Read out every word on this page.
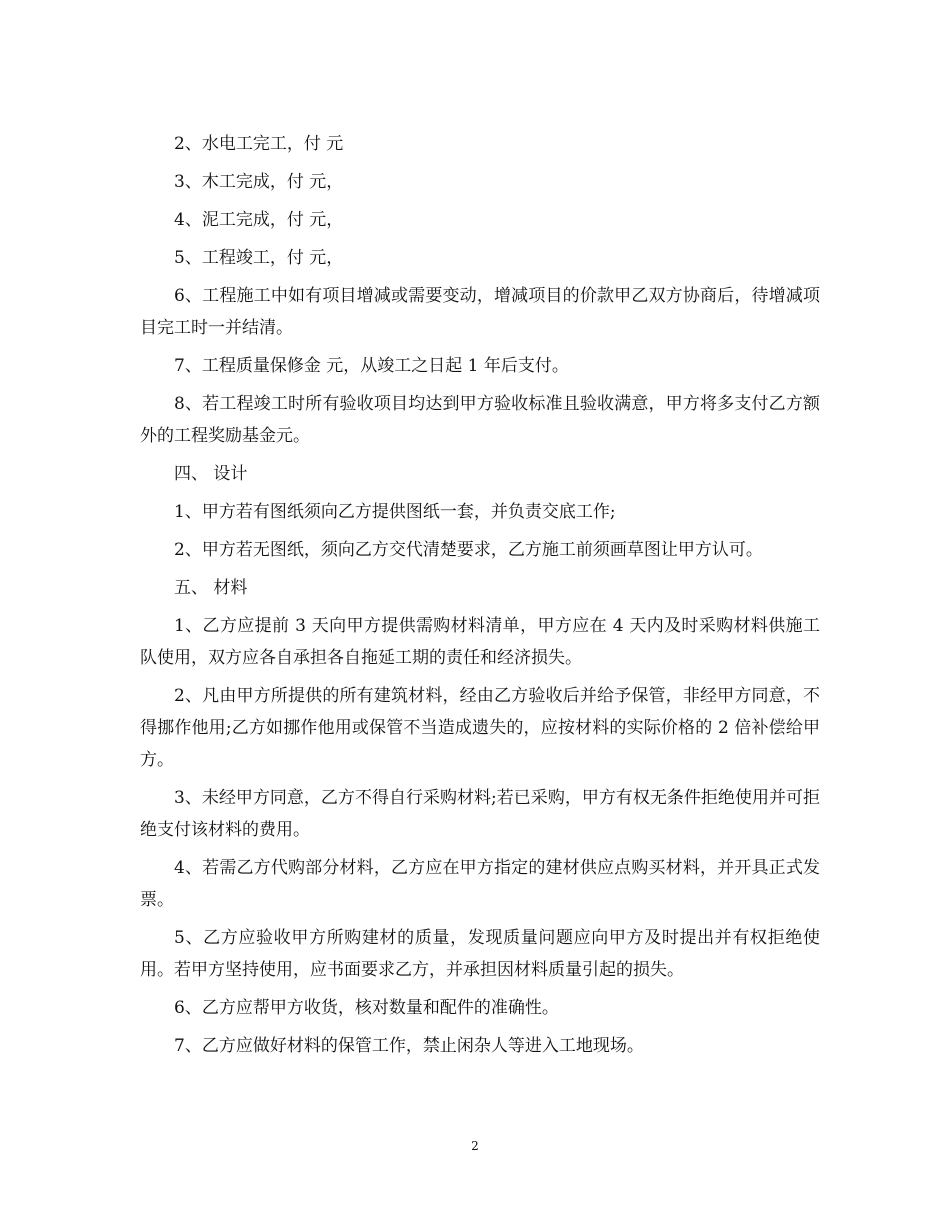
2、水电工完工，付 元

3、木工完成，付 元，

4、泥工完成，付 元，

5、工程竣工，付 元，

6、工程施工中如有项目增减或需要变动，增减项目的价款甲乙双方协商后，待增减项目完工时一并结清。

7、工程质量保修金 元，从竣工之日起 1 年后支付。

8、若工程竣工时所有验收项目均达到甲方验收标准且验收满意，甲方将多支付乙方额外的工程奖励基金元。

四、 设计

1、甲方若有图纸须向乙方提供图纸一套，并负责交底工作;

2、甲方若无图纸，须向乙方交代清楚要求，乙方施工前须画草图让甲方认可。

五、 材料

1、乙方应提前 3 天向甲方提供需购材料清单，甲方应在 4 天内及时采购材料供施工队使用，双方应各自承担各自拖延工期的责任和经济损失。

2、凡由甲方所提供的所有建筑材料，经由乙方验收后并给予保管，非经甲方同意，不得挪作他用;乙方如挪作他用或保管不当造成遗失的，应按材料的实际价格的 2 倍补偿给甲方。

3、未经甲方同意，乙方不得自行采购材料;若已采购，甲方有权无条件拒绝使用并可拒绝支付该材料的费用。

4、若需乙方代购部分材料，乙方应在甲方指定的建材供应点购买材料，并开具正式发票。

5、乙方应验收甲方所购建材的质量，发现质量问题应向甲方及时提出并有权拒绝使用。若甲方坚持使用，应书面要求乙方，并承担因材料质量引起的损失。

6、乙方应帮甲方收货，核对数量和配件的准确性。

7、乙方应做好材料的保管工作，禁止闲杂人等进入工地现场。

2
